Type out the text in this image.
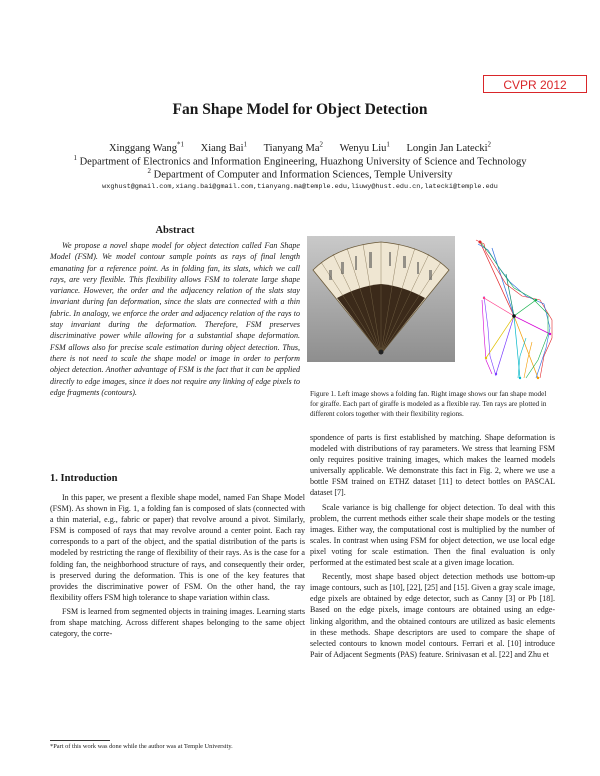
CVPR 2012
Fan Shape Model for Object Detection
Xinggang Wang$^{*1}$ Xiang Bai$^1$ Tianyang Ma$^2$ Wenyu Liu$^1$ Longin Jan Latecki$^2$
$^1$ Department of Electronics and Information Engineering, Huazhong University of Science and Technology
$^2$ Department of Computer and Information Sciences, Temple University
wxghust@gmail.com,xiang.bai@gmail.com,tianyang.ma@temple.edu,liuwy@hust.edu.cn,latecki@temple.edu
Abstract

We propose a novel shape model for object detection called Fan Shape Model (FSM). We model contour sample points as rays of final length emanating for a reference point. As in folding fan, its slats, which we call rays, are very flexible. This flexibility allows FSM to tolerate large shape variance. However, the order and the adjacency relation of the slats stay invariant during fan deformation, since the slats are connected with a thin fabric. In analogy, we enforce the order and adjacency relation of the rays to stay invariant during the deformation. Therefore, FSM preserves discriminative power while allowing for a substantial shape deformation. FSM allows also for precise scale estimation during object detection. Thus, there is not need to scale the shape model or image in order to perform object detection. Another advantage of FSM is the fact that it can be applied directly to edge images, since it does not require any linking of edge pixels to edge fragments (contours).

1. Introduction

In this paper, we present a flexible shape model, named Fan Shape Model (FSM). As shown in Fig. 1, a folding fan is composed of slats (connected with a thin material, e.g., fabric or paper) that revolve around a pivot. Similarly, FSM is composed of rays that may revolve around a center point. Each ray corresponds to a part of the object, and the spatial distribution of the parts is modeled by restricting the range of flexibility of their rays. As is the case for a folding fan, the neighborhood structure of rays, and consequently their order, is preserved during the deformation. This is one of the key features that provides the discriminative power of FSM. On the other hand, the ray flexibility offers FSM high tolerance to shape variation within class.

FSM is learned from segmented objects in training images. Learning starts from shape matching. Across different shapes belonging to the same object category, the corre-

*Part of this work was done while the author was at Temple University.
Figure 1. Left image shows a folding fan. Right image shows our fan shape model for giraffe. Each part of giraffe is modeled as a flexible ray. Ten rays are plotted in different colors together with their flexibility regions.

spondence of parts is first established by matching. Shape deformation is modeled with distributions of ray parameters. We stress that learning FSM only requires positive training images, which makes the learned models universally applicable. We demonstrate this fact in Fig. 2, where we use a bottle FSM trained on ETHZ dataset [11] to detect bottles on PASCAL dataset [7].

Scale variance is big challenge for object detection. To deal with this problem, the current methods either scale their shape models or the testing images. Either way, the computational cost is multiplied by the number of scales. In contrast when using FSM for object detection, we use local edge pixel voting for scale estimation. Then the final evaluation is only performed at the estimated best scale at a given image location.

Recently, most shape based object detection methods use bottom-up image contours, such as [10], [22], [25] and [15]. Given a gray scale image, edge pixels are obtained by edge detector, such as Canny [3] or Pb [18]. Based on the edge pixels, image contours are obtained using an edge-linking algorithm, and the obtained contours are utilized as basic elements in these methods. Shape descriptors are used to compare the shape of selected contours to known model contours. Ferrari et al. [10] introduce Pair of Adjacent Segments (PAS) feature. Srinivasan et al. [22] and Zhu et
